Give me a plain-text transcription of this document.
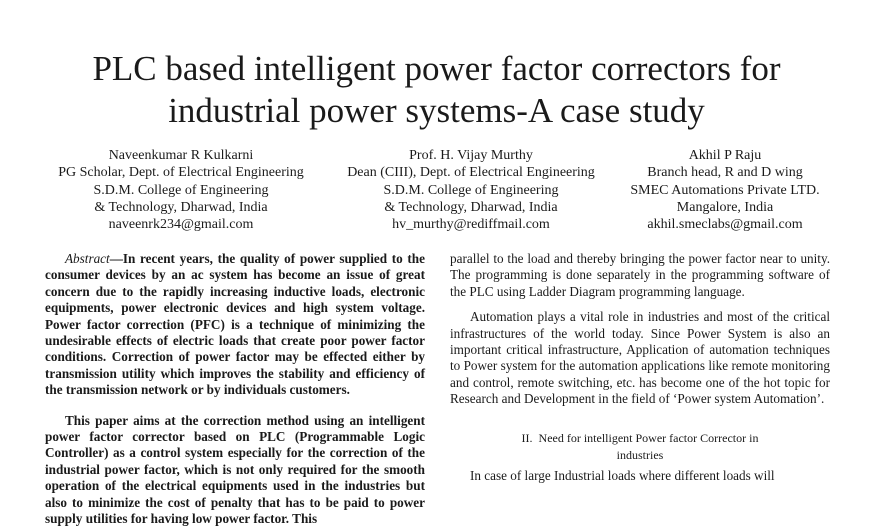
PLC based intelligent power factor correctors for
industrial power systems-A case study
Naveenkumar R Kulkarni
PG Scholar, Dept. of Electrical Engineering
S.D.M. College of Engineering
& Technology, Dharwad, India
naveenrk234@gmail.com
Prof. H. Vijay Murthy
Dean (CIII), Dept. of Electrical Engineering
S.D.M. College of Engineering
& Technology, Dharwad, India
hv_murthy@rediffmail.com
Akhil P Raju
Branch head, R and D wing
SMEC Automations Private LTD.
Mangalore, India
akhil.smeclabs@gmail.com

Abstract—In recent years, the quality of power supplied to the consumer devices by an ac system has become an issue of great concern due to the rapidly increasing inductive loads, electronic equipments, power electronic devices and high system voltage. Power factor correction (PFC) is a technique of minimizing the undesirable effects of electric loads that create poor power factor conditions. Correction of power factor may be effected either by transmission utility which improves the stability and efficiency of the transmission network or by individuals customers.

This paper aims at the correction method using an intelligent power factor corrector based on PLC (Programmable Logic Controller) as a control system especially for the correction of the industrial power factor, which is not only required for the smooth operation of the electrical equipments used in the industries but also to minimize the cost of penalty that has to be paid to power supply utilities for having low power factor. This

parallel to the load and thereby bringing the power factor near to unity. The programming is done separately in the programming software of the PLC using Ladder Diagram programming language.

Automation plays a vital role in industries and most of the critical infrastructures of the world today. Since Power System is also an important critical infrastructure, Application of automation techniques to Power system for the automation applications like remote monitoring and control, remote switching, etc. has become one of the hot topic for Research and Development in the field of ‘Power system Automation’.

II. Need for intelligent Power factor Corrector in
industries

In case of large Industrial loads where different loads will
